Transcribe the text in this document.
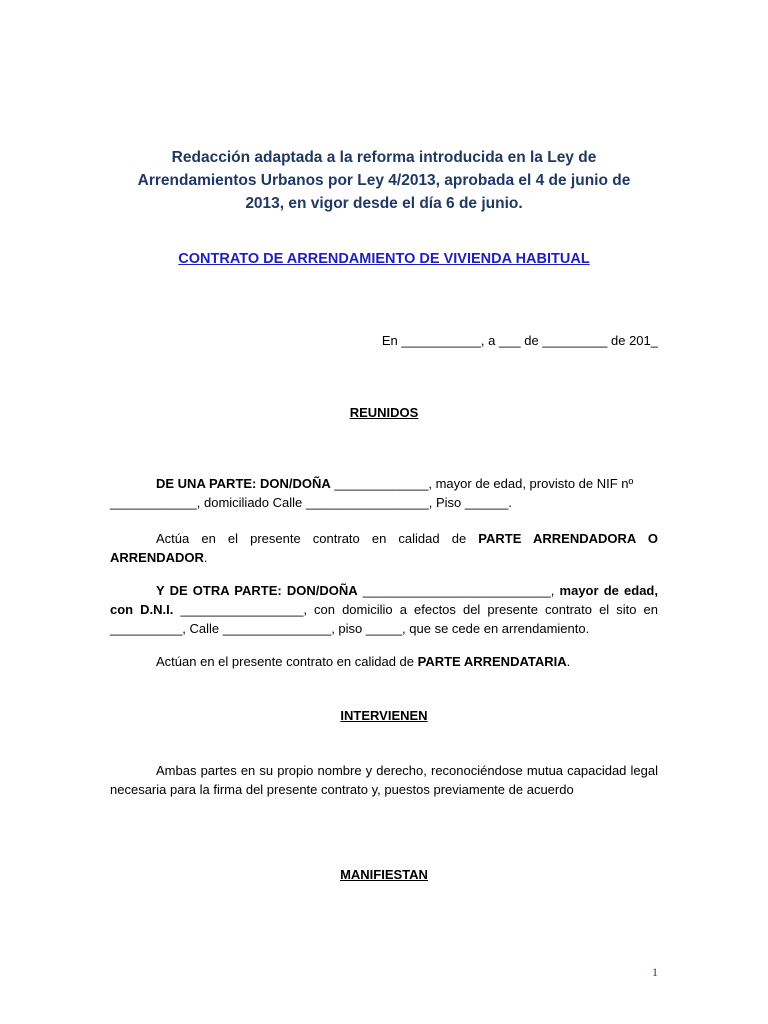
Redacción adaptada a la reforma introducida en la Ley de
Arrendamientos Urbanos por Ley 4/2013, aprobada el 4 de junio de
2013, en vigor desde el día 6 de junio.
CONTRATO DE ARRENDAMIENTO DE VIVIENDA HABITUAL
En ___________, a ___ de _________ de 201_
REUNIDOS
DE UNA PARTE: DON/DOÑA _____________, mayor de edad, provisto de NIF nº
____________, domiciliado Calle _________________, Piso ______.
Actúa en el presente contrato en calidad de PARTE ARRENDADORA O ARRENDADOR.
Y DE OTRA PARTE: DON/DOÑA __________________________, mayor de edad, con D.N.I. _________________, con domicilio a efectos del presente contrato el sito en __________, Calle _______________, piso _____, que se cede en arrendamiento.
Actúan en el presente contrato en calidad de PARTE ARRENDATARIA.
INTERVIENEN
Ambas partes en su propio nombre y derecho, reconociéndose mutua capacidad legal necesaria para la firma del presente contrato y, puestos previamente de acuerdo
MANIFIESTAN
1
